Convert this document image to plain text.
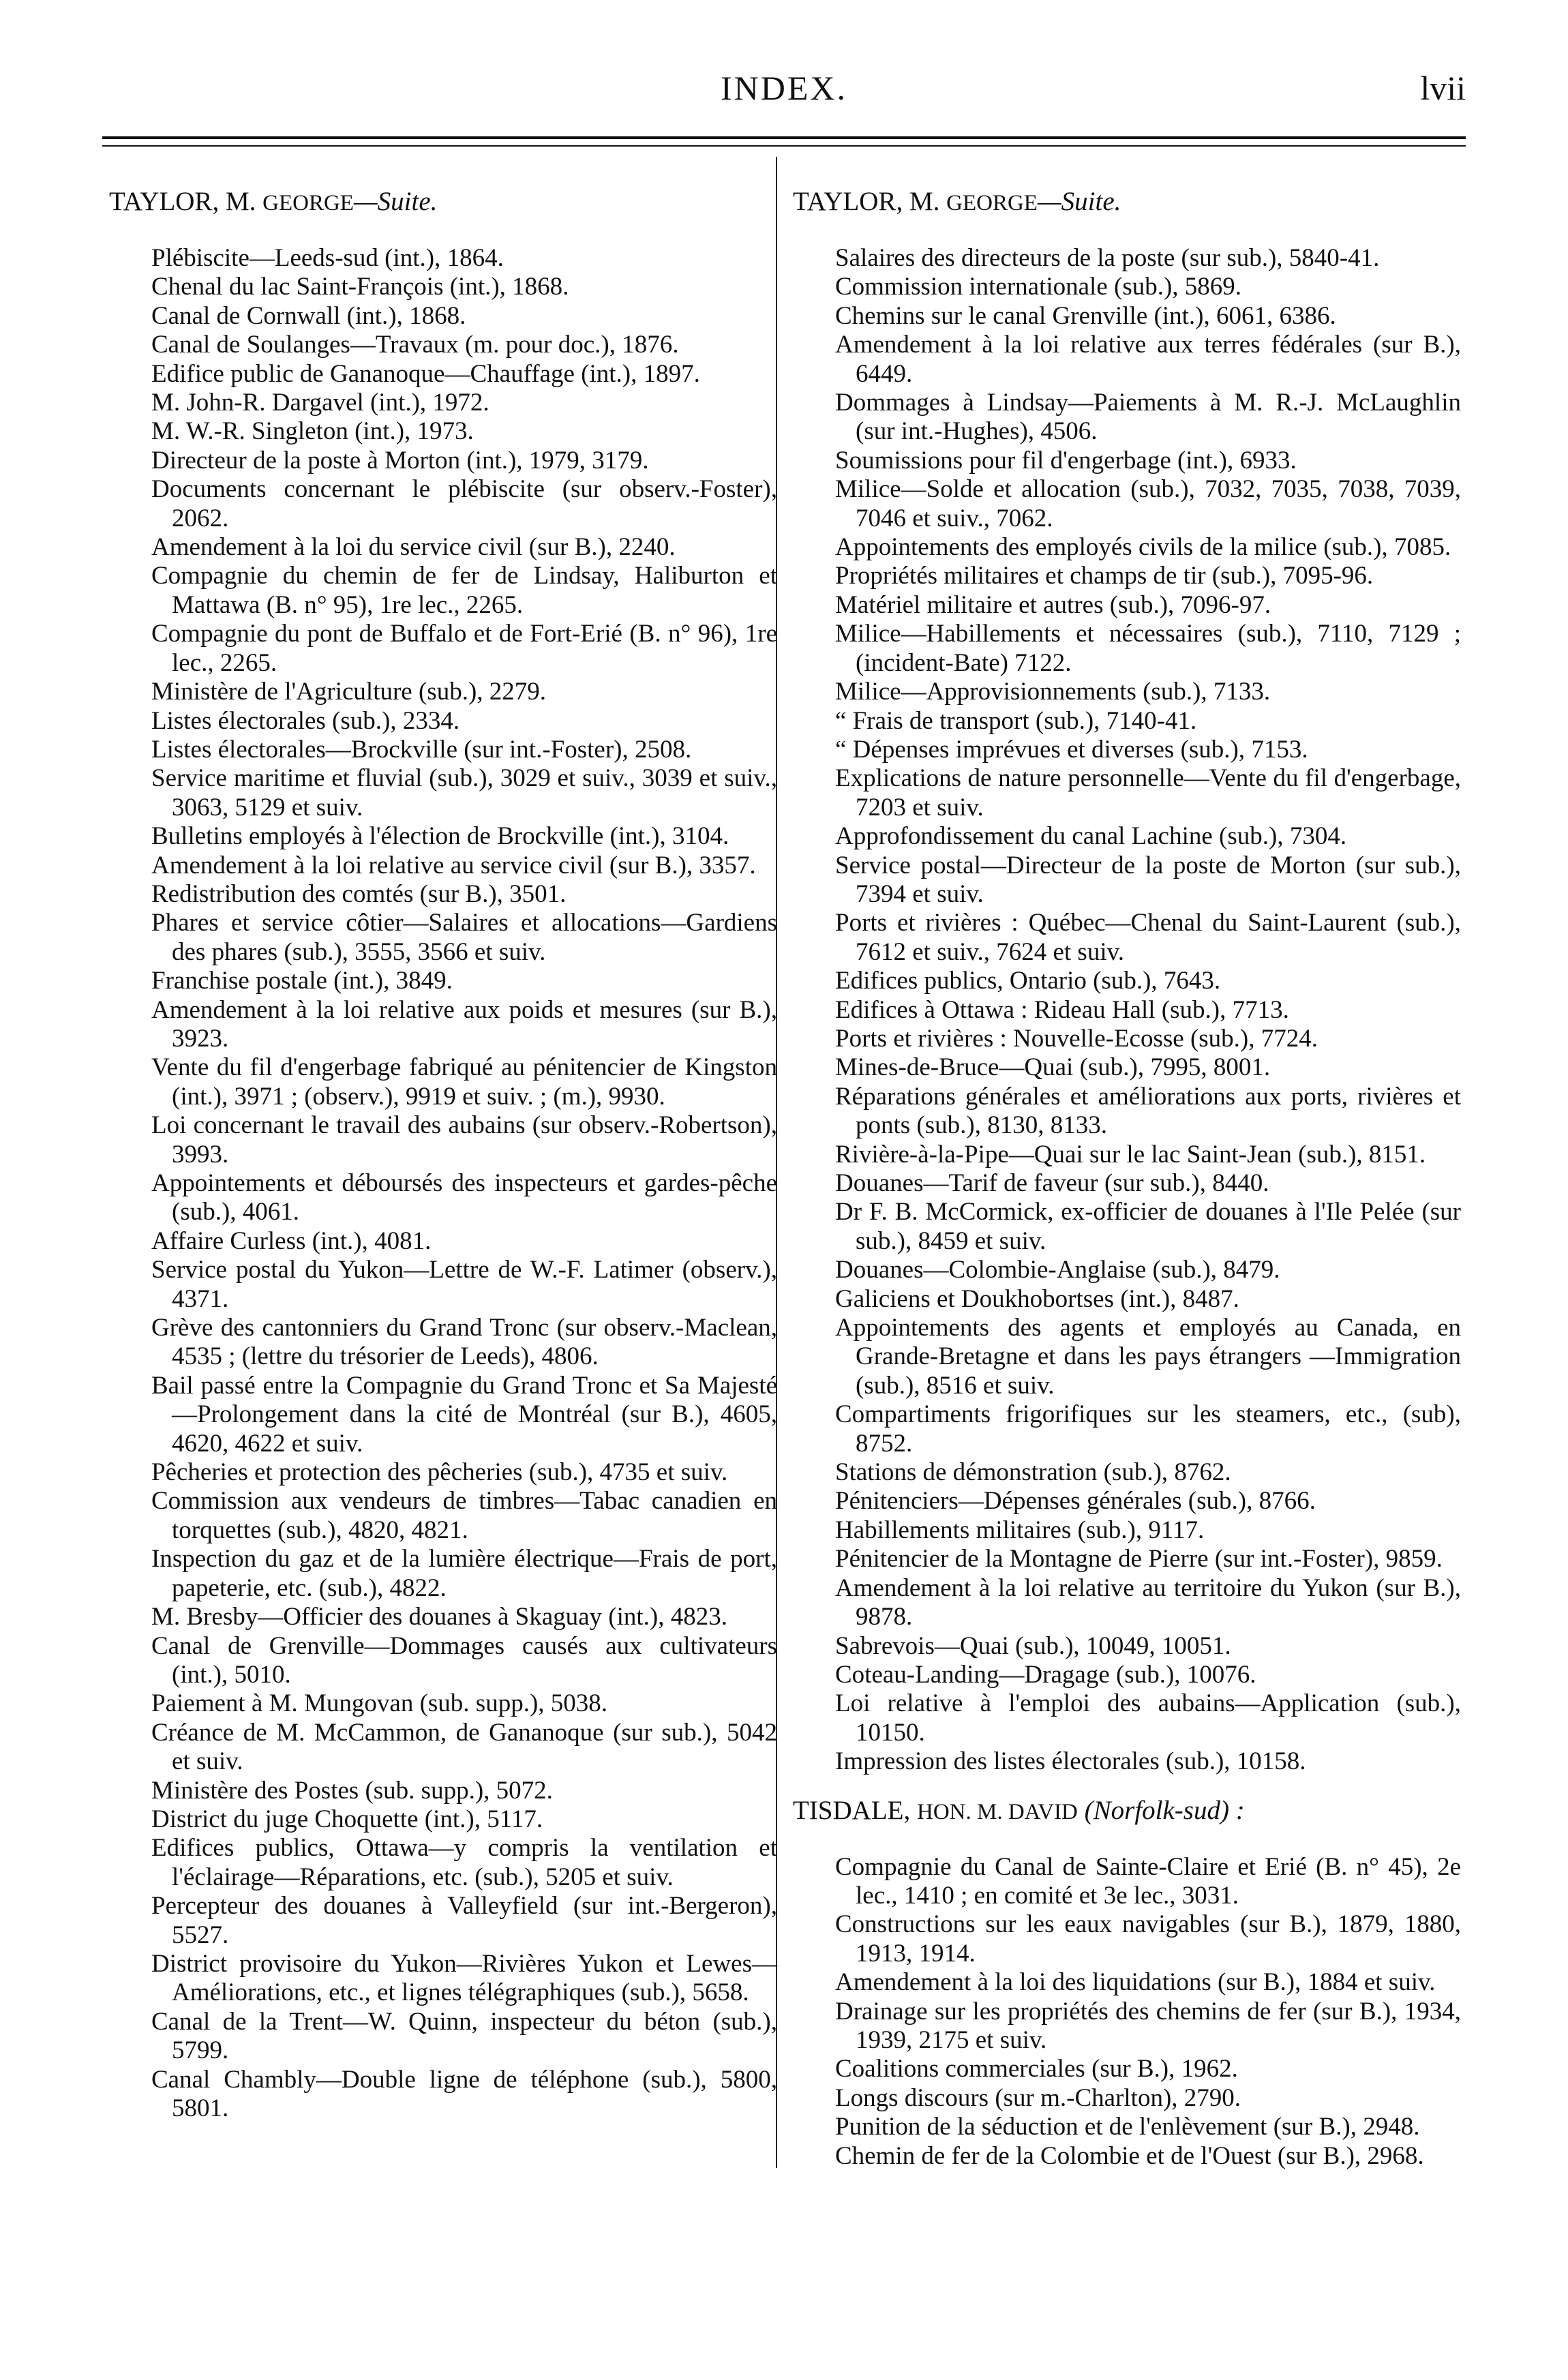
INDEX.	lvii
TAYLOR, M. GEORGE—Suite.
Plébiscite—Leeds-sud (int.), 1864.
Chenal du lac Saint-François (int.), 1868.
Canal de Cornwall (int.), 1868.
Canal de Soulanges—Travaux (m. pour doc.), 1876.
Edifice public de Gananoque—Chauffage (int.), 1897.
M. John-R. Dargavel (int.), 1972.
M. W.-R. Singleton (int.), 1973.
Directeur de la poste à Morton (int.), 1979, 3179.
Documents concernant le plébiscite (sur observ.-Foster), 2062.
Amendement à la loi du service civil (sur B.), 2240.
Compagnie du chemin de fer de Lindsay, Haliburton et Mattawa (B. n° 95), 1re lec., 2265.
Compagnie du pont de Buffalo et de Fort-Erié (B. n° 96), 1re lec., 2265.
Ministère de l'Agriculture (sub.), 2279.
Listes électorales (sub.), 2334.
Listes électorales—Brockville (sur int.-Foster), 2508.
Service maritime et fluvial (sub.), 3029 et suiv., 3039 et suiv., 3063, 5129 et suiv.
Bulletins employés à l'élection de Brockville (int.), 3104.
Amendement à la loi relative au service civil (sur B.), 3357.
Redistribution des comtés (sur B.), 3501.
Phares et service côtier—Salaires et allocations—Gardiens des phares (sub.), 3555, 3566 et suiv.
Franchise postale (int.), 3849.
Amendement à la loi relative aux poids et mesures (sur B.), 3923.
Vente du fil d'engerbage fabriqué au pénitencier de Kingston (int.), 3971 ; (observ.), 9919 et suiv. ; (m.), 9930.
Loi concernant le travail des aubains (sur observ.-Robertson), 3993.
Appointements et déboursés des inspecteurs et gardes-pêche (sub.), 4061.
Affaire Curless (int.), 4081.
Service postal du Yukon—Lettre de W.-F. Latimer (observ.), 4371.
Grève des cantonniers du Grand Tronc (sur observ.-Maclean, 4535 ; (lettre du trésorier de Leeds), 4806.
Bail passé entre la Compagnie du Grand Tronc et Sa Majesté—Prolongement dans la cité de Montréal (sur B.), 4605, 4620, 4622 et suiv.
Pêcheries et protection des pêcheries (sub.), 4735 et suiv.
Commission aux vendeurs de timbres—Tabac canadien en torquettes (sub.), 4820, 4821.
Inspection du gaz et de la lumière électrique—Frais de port, papeterie, etc. (sub.), 4822.
M. Bresby—Officier des douanes à Skaguay (int.), 4823.
Canal de Grenville—Dommages causés aux cultivateurs (int.), 5010.
Paiement à M. Mungovan (sub. supp.), 5038.
Créance de M. McCammon, de Gananoque (sur sub.), 5042 et suiv.
Ministère des Postes (sub. supp.), 5072.
District du juge Choquette (int.), 5117.
Edifices publics, Ottawa—y compris la ventilation et l'éclairage—Réparations, etc. (sub.), 5205 et suiv.
Percepteur des douanes à Valleyfield (sur int.-Bergeron), 5527.
District provisoire du Yukon—Rivières Yukon et Lewes—Améliorations, etc., et lignes télégraphiques (sub.), 5658.
Canal de la Trent—W. Quinn, inspecteur du béton (sub.), 5799.
Canal Chambly—Double ligne de téléphone (sub.), 5800, 5801.
TAYLOR, M. GEORGE—Suite.
Salaires des directeurs de la poste (sur sub.), 5840-41.
Commission internationale (sub.), 5869.
Chemins sur le canal Grenville (int.), 6061, 6386.
Amendement à la loi relative aux terres fédérales (sur B.), 6449.
Dommages à Lindsay—Paiements à M. R.-J. McLaughlin (sur int.-Hughes), 4506.
Soumissions pour fil d'engerbage (int.), 6933.
Milice—Solde et allocation (sub.), 7032, 7035, 7038, 7039, 7046 et suiv., 7062.
Appointements des employés civils de la milice (sub.), 7085.
Propriétés militaires et champs de tir (sub.), 7095-96.
Matériel militaire et autres (sub.), 7096-97.
Milice—Habillements et nécessaires (sub.), 7110, 7129 ; (incident-Bate) 7122.
Milice—Approvisionnements (sub.), 7133.
“ Frais de transport (sub.), 7140-41.
“ Dépenses imprévues et diverses (sub.), 7153.
Explications de nature personnelle—Vente du fil d'engerbage, 7203 et suiv.
Approfondissement du canal Lachine (sub.), 7304.
Service postal—Directeur de la poste de Morton (sur sub.), 7394 et suiv.
Ports et rivières : Québec—Chenal du Saint-Laurent (sub.), 7612 et suiv., 7624 et suiv.
Edifices publics, Ontario (sub.), 7643.
Edifices à Ottawa : Rideau Hall (sub.), 7713.
Ports et rivières : Nouvelle-Ecosse (sub.), 7724.
Mines-de-Bruce—Quai (sub.), 7995, 8001.
Réparations générales et améliorations aux ports, rivières et ponts (sub.), 8130, 8133.
Rivière-à-la-Pipe—Quai sur le lac Saint-Jean (sub.), 8151.
Douanes—Tarif de faveur (sur sub.), 8440.
Dr F. B. McCormick, ex-officier de douanes à l'Ile Pelée (sur sub.), 8459 et suiv.
Douanes—Colombie-Anglaise (sub.), 8479.
Galiciens et Doukhobortses (int.), 8487.
Appointements des agents et employés au Canada, en Grande-Bretagne et dans les pays étrangers —Immigration (sub.), 8516 et suiv.
Compartiments frigorifiques sur les steamers, etc., (sub), 8752.
Stations de démonstration (sub.), 8762.
Pénitenciers—Dépenses générales (sub.), 8766.
Habillements militaires (sub.), 9117.
Pénitencier de la Montagne de Pierre (sur int.-Foster), 9859.
Amendement à la loi relative au territoire du Yukon (sur B.), 9878.
Sabrevois—Quai (sub.), 10049, 10051.
Coteau-Landing—Dragage (sub.), 10076.
Loi relative à l'emploi des aubains—Application (sub.), 10150.
Impression des listes électorales (sub.), 10158.
TISDALE, HON. M. DAVID (Norfolk-sud) :
Compagnie du Canal de Sainte-Claire et Erié (B. n° 45), 2e lec., 1410 ; en comité et 3e lec., 3031.
Constructions sur les eaux navigables (sur B.), 1879, 1880, 1913, 1914.
Amendement à la loi des liquidations (sur B.), 1884 et suiv.
Drainage sur les propriétés des chemins de fer (sur B.), 1934, 1939, 2175 et suiv.
Coalitions commerciales (sur B.), 1962.
Longs discours (sur m.-Charlton), 2790.
Punition de la séduction et de l'enlèvement (sur B.), 2948.
Chemin de fer de la Colombie et de l'Ouest (sur B.), 2968.
